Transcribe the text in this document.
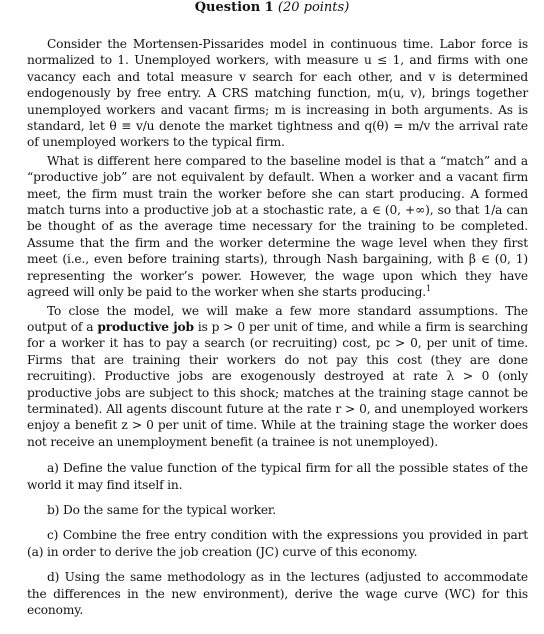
Question 1 (20 points)

Consider the Mortensen-Pissarides model in continuous time. Labor force is normalized to 1. Unemployed workers, with measure u ≤ 1, and firms with one vacancy each and total measure v search for each other, and v is determined endogenously by free entry. A CRS matching function, m(u, v), brings together unemployed workers and vacant firms; m is increasing in both arguments. As is standard, let θ ≡ v/u denote the market tightness and q(θ) = m/v the arrival rate of unemployed workers to the typical firm.

What is different here compared to the baseline model is that a “match” and a “productive job” are not equivalent by default. When a worker and a vacant firm meet, the firm must train the worker before she can start producing. A formed match turns into a productive job at a stochastic rate, a ∈ (0, +∞), so that 1/a can be thought of as the average time necessary for the training to be completed. Assume that the firm and the worker determine the wage level when they first meet (i.e., even before training starts), through Nash bargaining, with β ∈ (0, 1) representing the worker’s power. However, the wage upon which they have agreed will only be paid to the worker when she starts producing.$^1$

To close the model, we will make a few more standard assumptions. The output of a productive job is p > 0 per unit of time, and while a firm is searching for a worker it has to pay a search (or recruiting) cost, pc > 0, per unit of time. Firms that are training their workers do not pay this cost (they are done recruiting). Productive jobs are exogenously destroyed at rate λ > 0 (only productive jobs are subject to this shock; matches at the training stage cannot be terminated). All agents discount future at the rate r > 0, and unemployed workers enjoy a benefit z > 0 per unit of time. While at the training stage the worker does not receive an unemployment benefit (a trainee is not unemployed).

a) Define the value function of the typical firm for all the possible states of the world it may find itself in.

b) Do the same for the typical worker.

c) Combine the free entry condition with the expressions you provided in part (a) in order to derive the job creation (JC) curve of this economy.

d) Using the same methodology as in the lectures (adjusted to accommodate the differences in the new environment), derive the wage curve (WC) for this economy.
